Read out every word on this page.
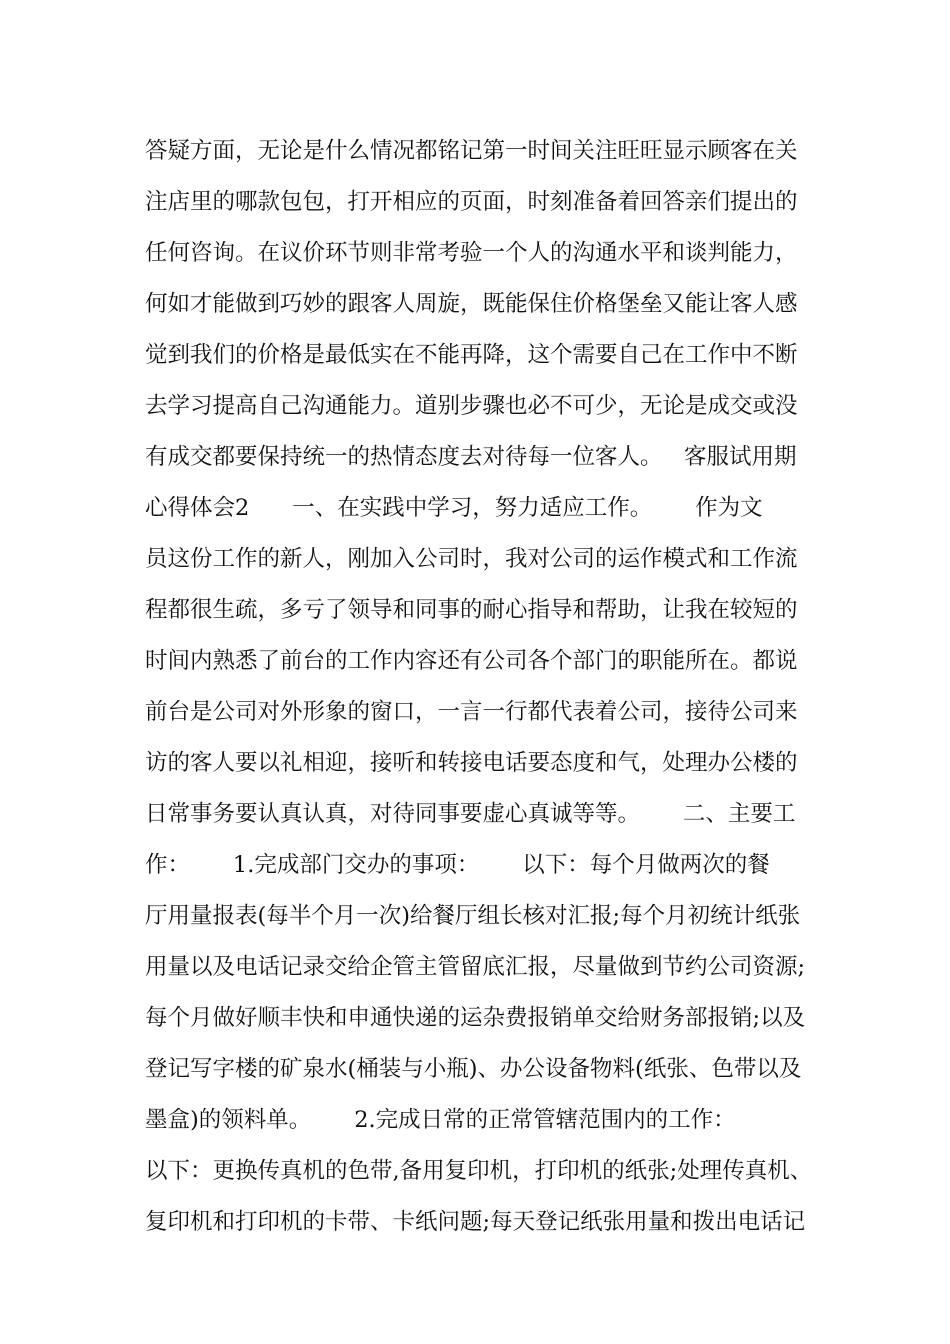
答疑方面，无论是什么情况都铭记第一时间关注旺旺显示顾客在关
注店里的哪款包包，打开相应的页面，时刻准备着回答亲们提出的
任何咨询。在议价环节则非常考验一个人的沟通水平和谈判能力，
何如才能做到巧妙的跟客人周旋，既能保住价格堡垒又能让客人感
觉到我们的价格是最低实在不能再降，这个需要自己在工作中不断
去学习提高自己沟通能力。道别步骤也必不可少，无论是成交或没
有成交都要保持统一的热情态度去对待每一位客人。   客服试用期
心得体会2      一、在实践中学习，努力适应工作。      作为文
员这份工作的新人，刚加入公司时，我对公司的运作模式和工作流
程都很生疏，多亏了领导和同事的耐心指导和帮助，让我在较短的
时间内熟悉了前台的工作内容还有公司各个部门的职能所在。都说
前台是公司对外形象的窗口，一言一行都代表着公司，接待公司来
访的客人要以礼相迎，接听和转接电话要态度和气，处理办公楼的
日常事务要认真认真，对待同事要虚心真诚等等。      二、主要工
作：      1.完成部门交办的事项：      以下：每个月做两次的餐
厅用量报表(每半个月一次)给餐厅组长核对汇报;每个月初统计纸张
用量以及电话记录交给企管主管留底汇报，尽量做到节约公司资源;
每个月做好顺丰快和申通快递的运杂费报销单交给财务部报销;以及
登记写字楼的矿泉水(桶装与小瓶)、办公设备物料(纸张、色带以及
墨盒)的领料单。      2.完成日常的正常管辖范围内的工作：
以下：更换传真机的色带,备用复印机，打印机的纸张;处理传真机、
复印机和打印机的卡带、卡纸问题;每天登记纸张用量和拨出电话记
